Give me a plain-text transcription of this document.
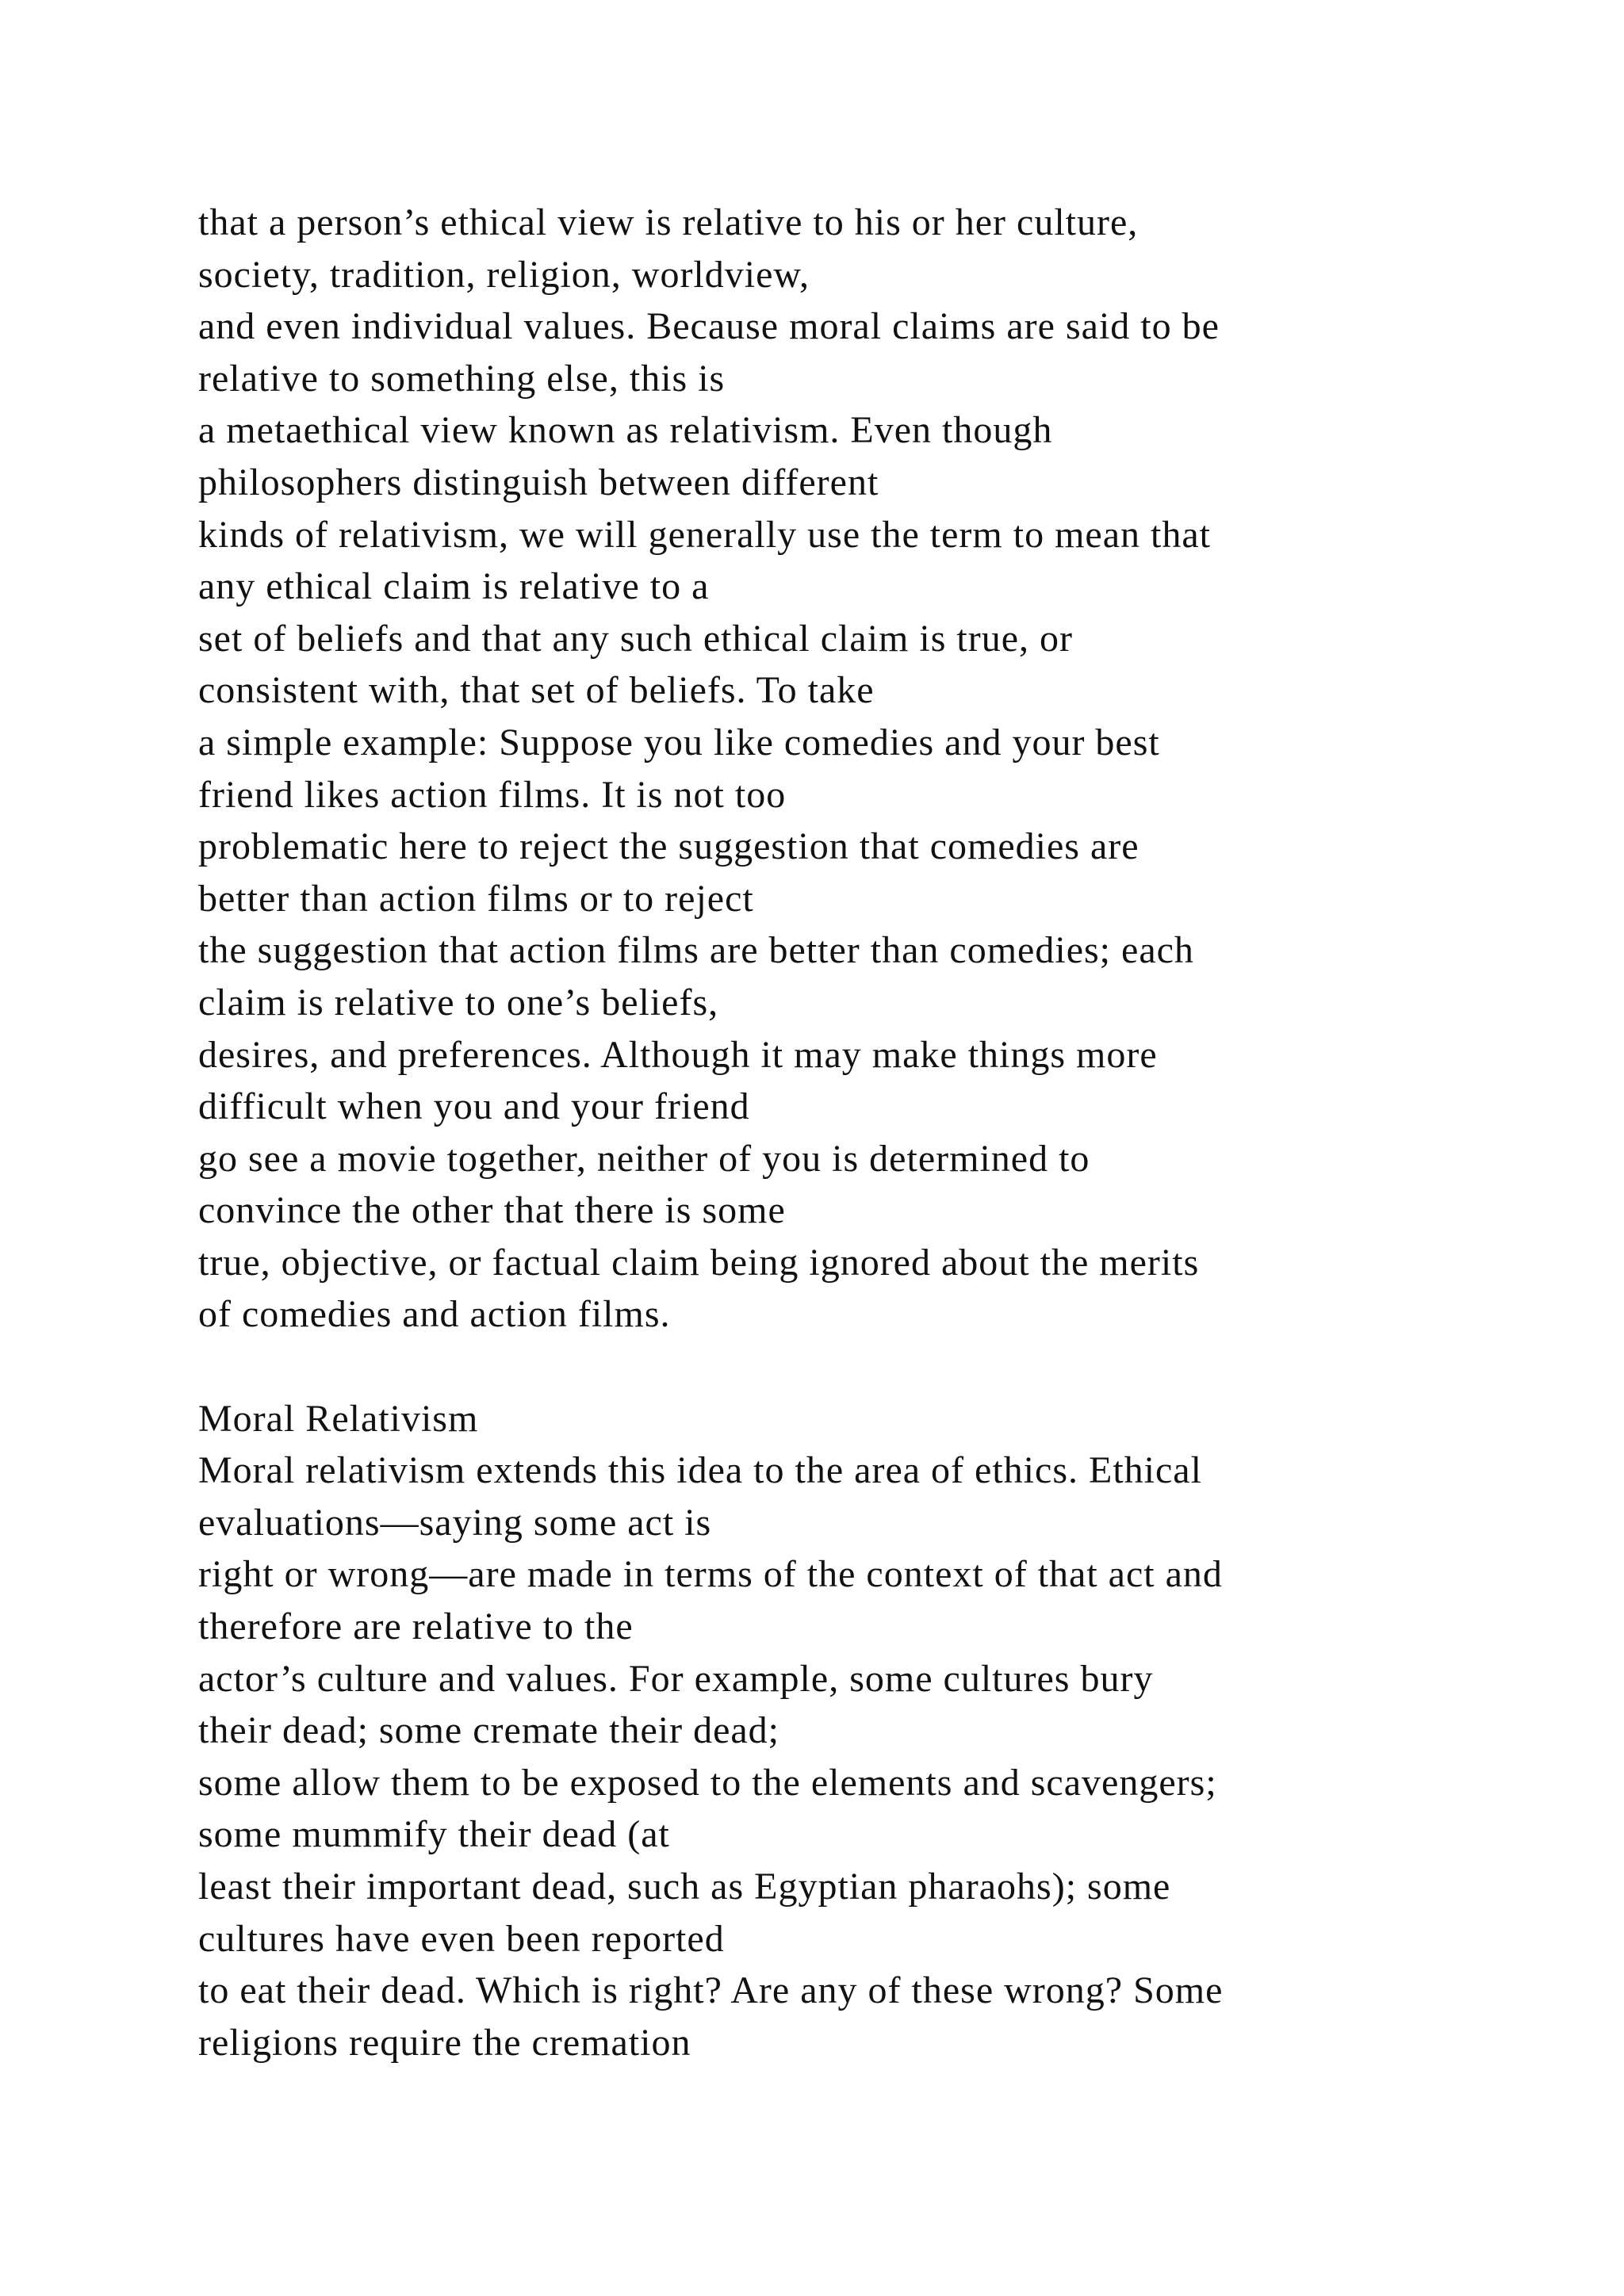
that a person’s ethical view is relative to his or her culture,
society, tradition, religion, worldview,
and even individual values. Because moral claims are said to be
relative to something else, this is
a metaethical view known as relativism. Even though
philosophers distinguish between different
kinds of relativism, we will generally use the term to mean that
any ethical claim is relative to a
set of beliefs and that any such ethical claim is true, or
consistent with, that set of beliefs. To take
a simple example: Suppose you like comedies and your best
friend likes action films. It is not too
problematic here to reject the suggestion that comedies are
better than action films or to reject
the suggestion that action films are better than comedies; each
claim is relative to one’s beliefs,
desires, and preferences. Although it may make things more
difficult when you and your friend
go see a movie together, neither of you is determined to
convince the other that there is some
true, objective, or factual claim being ignored about the merits
of comedies and action films.
Moral Relativism
Moral relativism extends this idea to the area of ethics. Ethical
evaluations—saying some act is
right or wrong—are made in terms of the context of that act and
therefore are relative to the
actor’s culture and values. For example, some cultures bury
their dead; some cremate their dead;
some allow them to be exposed to the elements and scavengers;
some mummify their dead (at
least their important dead, such as Egyptian pharaohs); some
cultures have even been reported
to eat their dead. Which is right? Are any of these wrong? Some
religions require the cremation
